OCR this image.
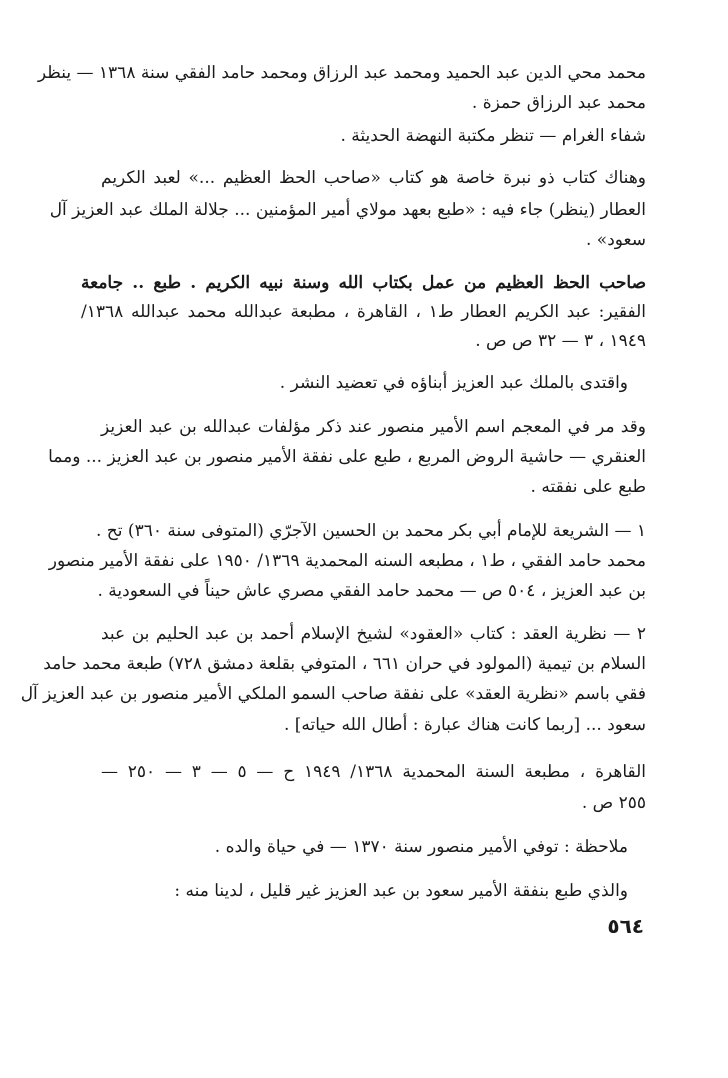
محمد محي الدين عبد الحميد ومحمد عبد الرزاق ومحمد حامد الفقي سنة ١٣٦٨ — ينظر
محمد عبد الرزاق حمزة .
شفاء الغرام — تنظر مكتبة النهضة الحديثة .
وهناك كتاب ذو نبرة خاصة هو كتاب «صاحب الحظ العظيم ...» لعبد الكريم
العطار (ينظر) جاء فيه : «طبع بعهد مولاي أمير المؤمنين ... جلالة الملك عبد العزيز آل
سعود» .
صاحب الحظ العظيم من عمل بكتاب الله وسنة نبيه الكريم . طبع .. جامعة
الفقير: عبد الكريم العطار ط١ ، القاهرة ، مطبعة عبدالله محمد عبدالله ١٣٦٨/
١٩٤٩ ، ٣ — ٣٢ ص ص .
واقتدى بالملك عبد العزيز أبناؤه في تعضيد النشر .
وقد مر في المعجم اسم الأمير منصور عند ذكر مؤلفات عبدالله بن عبد العزيز
العنقري — حاشية الروض المربع ، طبع على نفقة الأمير منصور بن عبد العزيز ... ومما
طبع على نفقته .
١ — الشريعة للإمام أبي بكر محمد بن الحسين الآجرّي (المتوفى سنة ٣٦٠) تح .
محمد حامد الفقي ، ط١ ، مطبعه السنه المحمدية ١٣٦٩/ ١٩٥٠ على نفقة الأمير منصور
بن عبد العزيز ، ٥٠٤ ص — محمد حامد الفقي مصري عاش حيناً في السعودية .
٢ — نظرية العقد : كتاب «العقود» لشيخ الإسلام أحمد بن عبد الحليم بن عبد
السلام بن تيمية (المولود في حران ٦٦١ ، المتوفي بقلعة دمشق ٧٢٨) طبعة محمد حامد
فقي باسم «نظرية العقد» على نفقة صاحب السمو الملكي الأمير منصور بن عبد العزيز آل
سعود ... [ربما كانت هناك عبارة : أطال الله حياته] .
القاهرة ، مطبعة السنة المحمدية ١٣٦٨/ ١٩٤٩ ح — ٥ — ٣ — ٢٥٠ —
٢٥٥ ص .
ملاحظة : توفي الأمير منصور سنة ١٣٧٠ — في حياة والده .
والذي طبع بنفقة الأمير سعود بن عبد العزيز غير قليل ، لدينا منه :
٥٦٤
